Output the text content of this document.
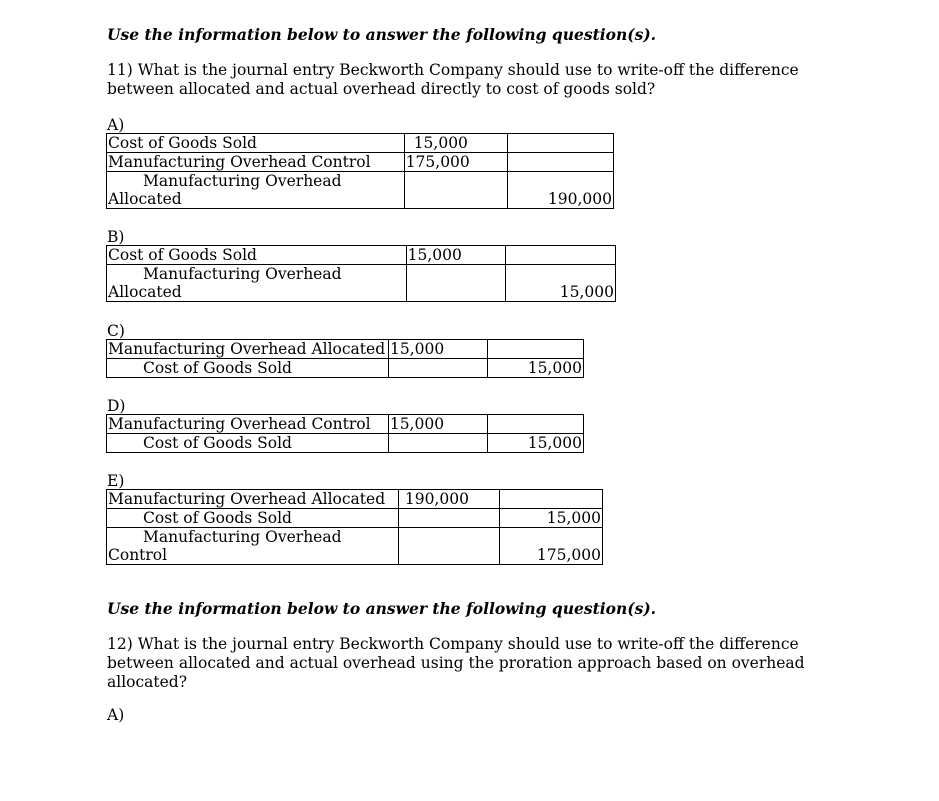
Use the information below to answer the following question(s).
11) What is the journal entry Beckworth Company should use to write-off the difference between allocated and actual overhead directly to cost of goods sold?
A)
Cost of Goods Sold	15,000	
Manufacturing Overhead Control	175,000	

Manufacturing Overhead
Allocated		190,000
B)
Cost of Goods Sold	15,000	

Manufacturing Overhead
Allocated		15,000
C)
Manufacturing Overhead Allocated	15,000	

Cost of Goods Sold		15,000
D)
Manufacturing Overhead Control	15,000	

Cost of Goods Sold		15,000
E)
Manufacturing Overhead Allocated	190,000	

Cost of Goods Sold		15,000

Manufacturing Overhead
Control		175,000
Use the information below to answer the following question(s).
12) What is the journal entry Beckworth Company should use to write-off the difference between allocated and actual overhead using the proration approach based on overhead allocated?
A)
